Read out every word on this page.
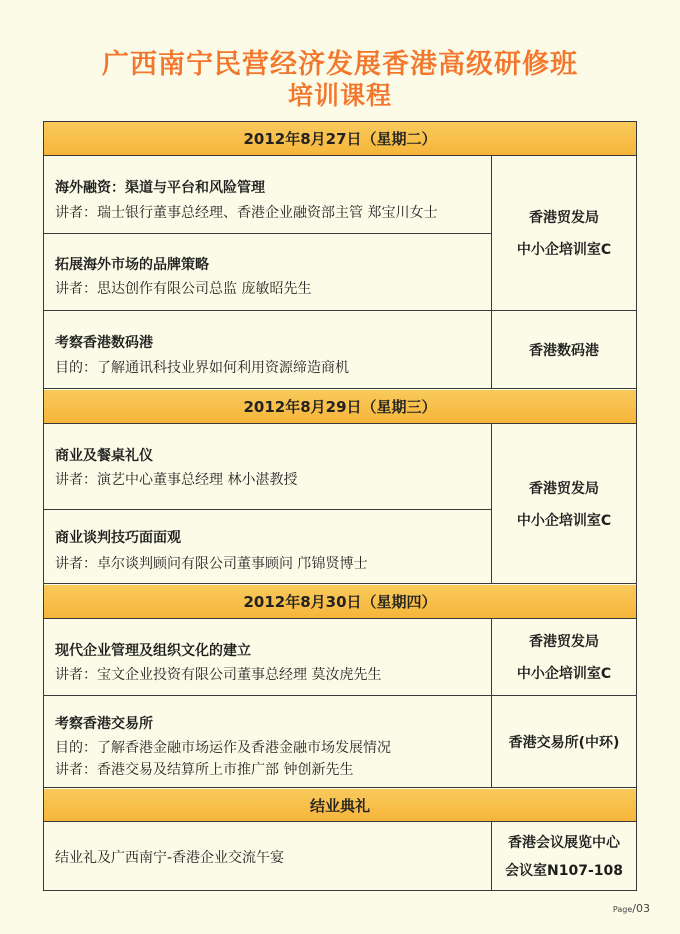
广西南宁民营经济发展香港高级研修班
培训课程
2012年8月27日（星期二）
海外融资：渠道与平台和风险管理
讲者：瑞士银行董事总经理、香港企业融资部主管 郑宝川女士
拓展海外市场的品牌策略
讲者：思达创作有限公司总监 庞敏昭先生
香港贸发局
中小企培训室C
考察香港数码港
目的：了解通讯科技业界如何利用资源缔造商机
香港数码港
2012年8月29日（星期三）
商业及餐桌礼仪
讲者：演艺中心董事总经理 林小湛教授
商业谈判技巧面面观
讲者：卓尔谈判顾问有限公司董事顾问 邝锦贤博士
香港贸发局
中小企培训室C
2012年8月30日（星期四）
现代企业管理及组织文化的建立
讲者：宝文企业投资有限公司董事总经理 莫汝虎先生
香港贸发局
中小企培训室C
考察香港交易所
目的：了解香港金融市场运作及香港金融市场发展情况
讲者：香港交易及结算所上市推广部 钟创新先生
香港交易所(中环)
结业典礼
结业礼及广西南宁-香港企业交流午宴
香港会议展览中心
会议室N107-108
Page/03
